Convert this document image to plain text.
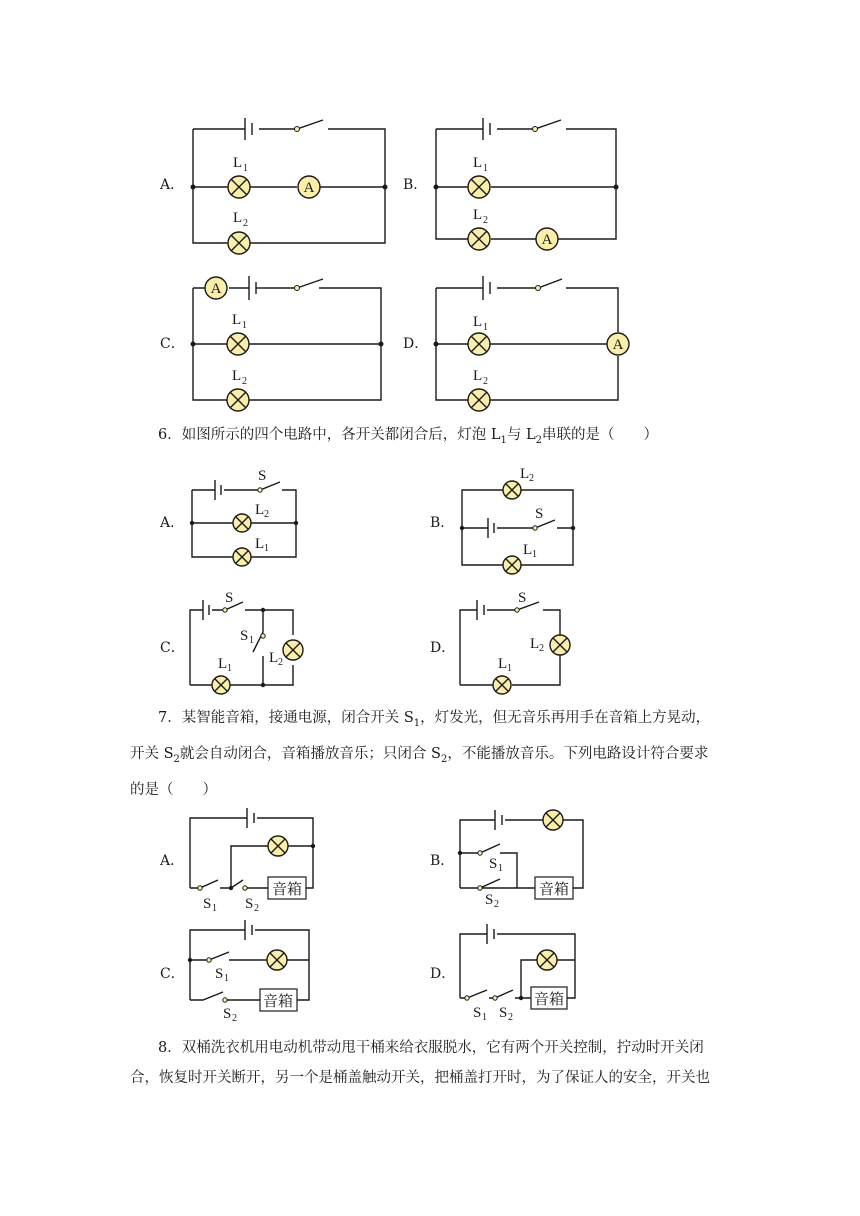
A．	A
L 1
L 2
B．
A
L 1
L 2
C．
A
L 1
L 2
D．	A
L 1
L 2
6．如图所示的四个电路中，各开关都闭合后，灯泡 $L_1$与 $L_2$串联的是（　　）
A．
S
L 2
L 1
B．
S
L 2
L 1
C．
S
S 1
L 1
L 2
D．
S
L 1
L 2
7．某智能音箱，接通电源，闭合开关 $S_1$，灯发光，但无音乐再用手在音箱上方晃动，
开关 $S_2$就会自动闭合，音箱播放音乐；只闭合 $S_2$，不能播放音乐。下列电路设计符合要求
的是（　　）
A．
音箱
S 1 S 2
B．
音箱
S 1
S 2
C．
音箱
S 1
S 2
D．
音箱
S 1 S 2
8．双桶洗衣机用电动机带动甩干桶来给衣服脱水，它有两个开关控制，拧动时开关闭
合，恢复时开关断开，另一个是桶盖触动开关，把桶盖打开时，为了保证人的安全，开关也
